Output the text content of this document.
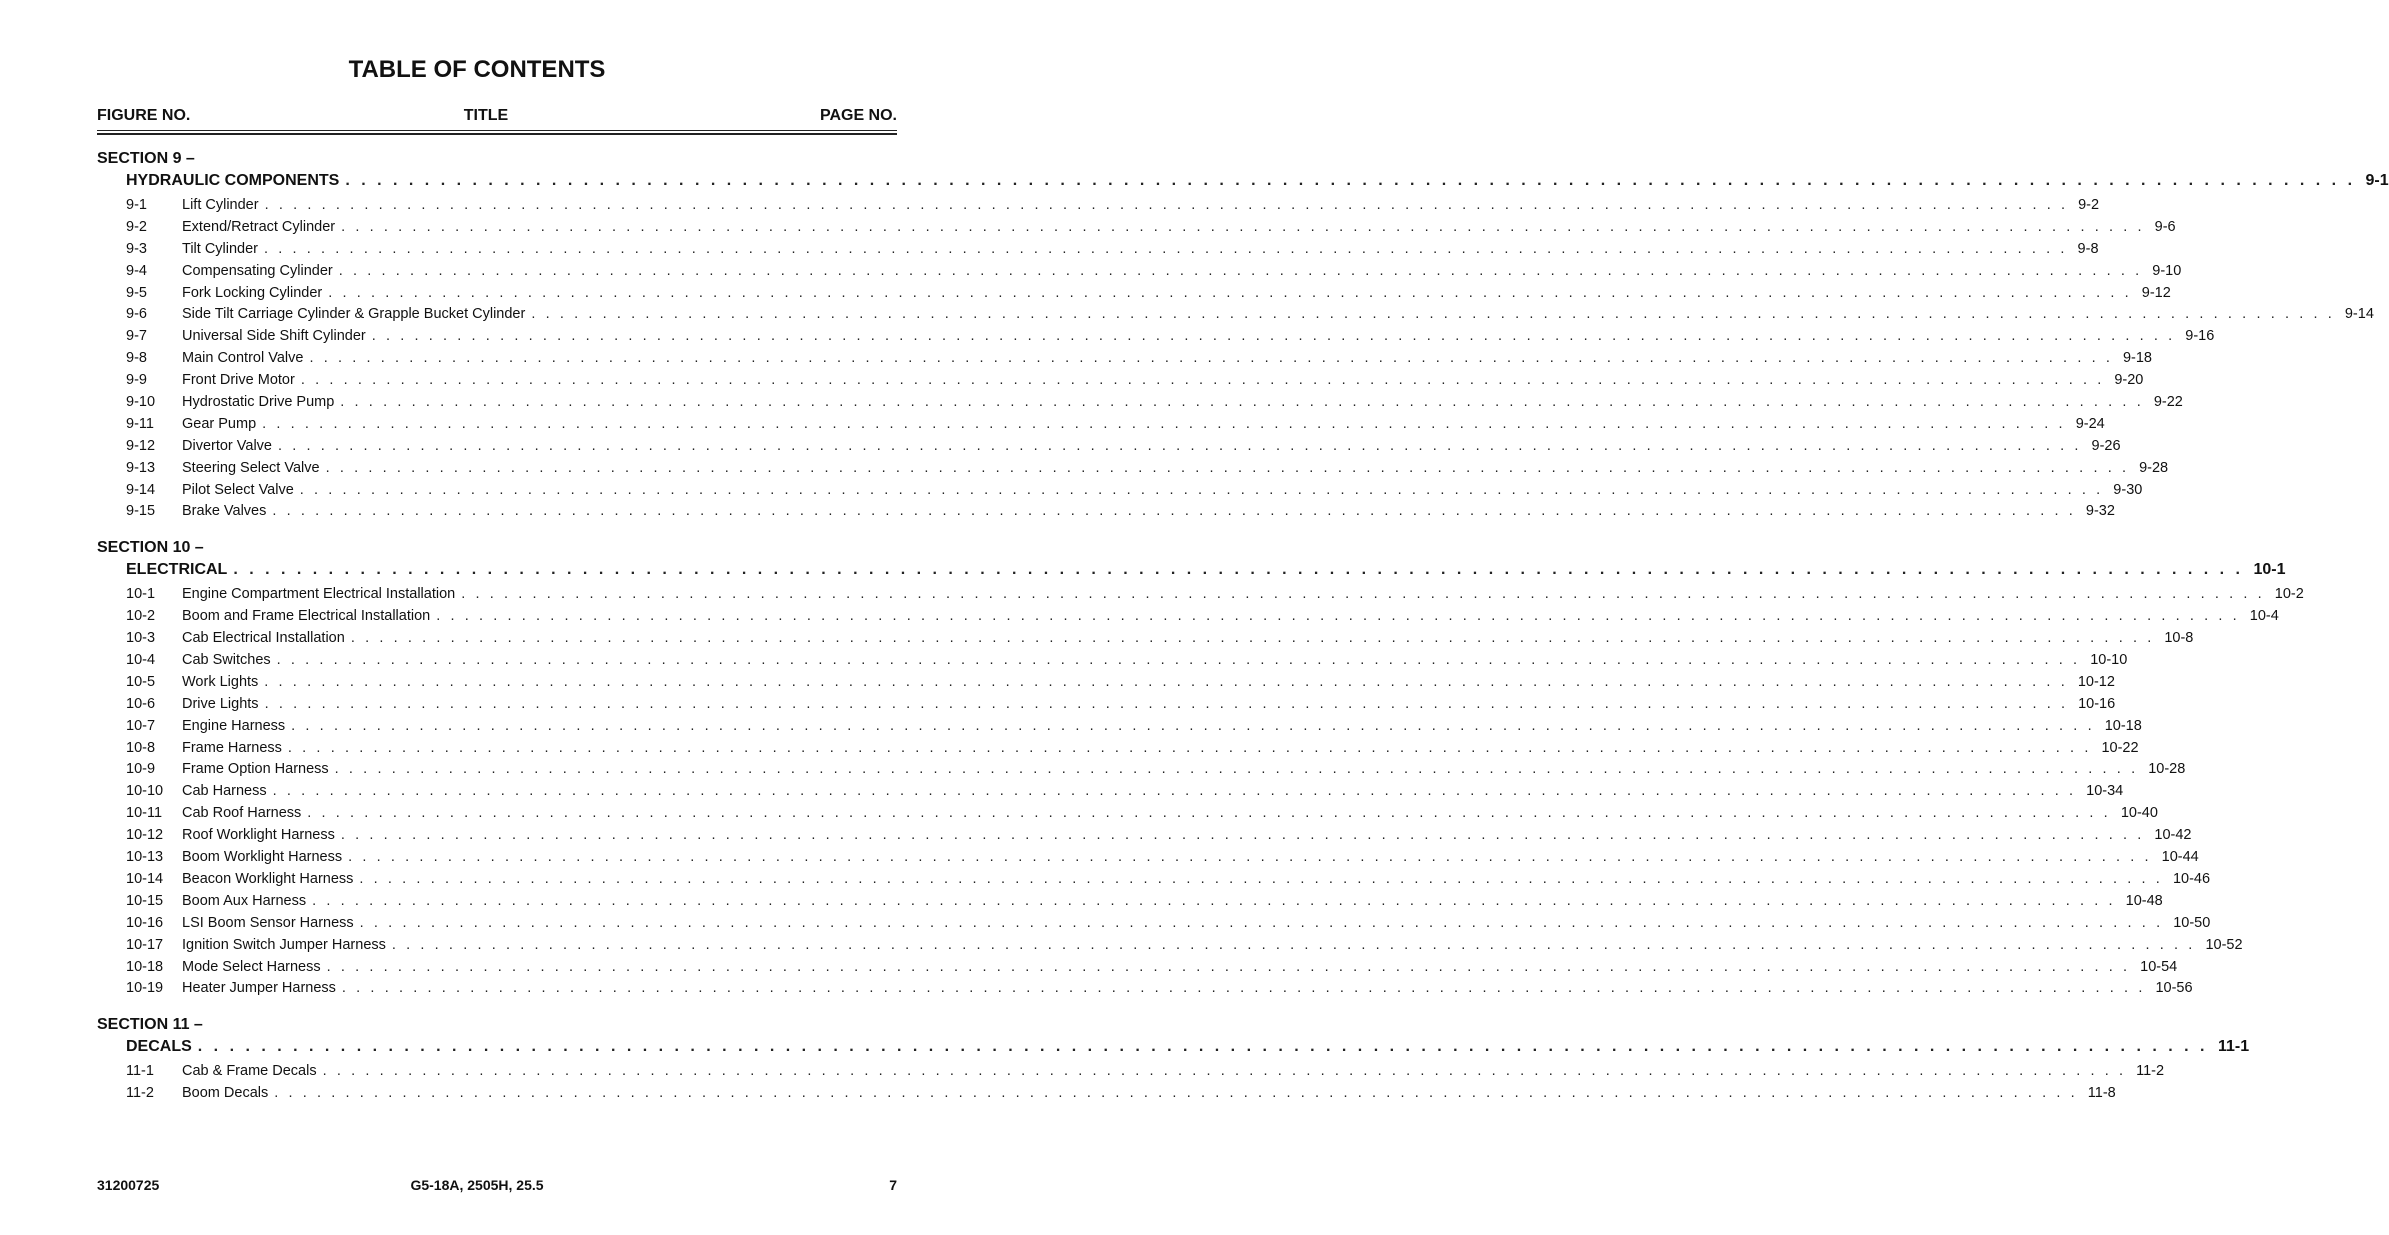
TABLE OF CONTENTS
FIGURE NO.	TITLE	PAGE NO.
SECTION 9 –
HYDRAULIC COMPONENTS . . . . . . . . . . . . . . . . . . . . . . . . . . . . . . . . . . . . . . . . . . . . . . . . . . . . . . . . . . . . . . . . . . . . . . . . . . . . . . . . . . . . . . . . . . . . . . . . . . . . . . . . . . . . . . . . . . . . . . . . . . . . . . . 9-1
9-1	Lift Cylinder . . . . . . . . . . . . . . . . . . . . . . . . . . . . . . . . . . . . . . . . . . . . . . . . . . . . . . . . . . . . . . . . . . . . . . . . . . . . . . . . . . . . . . . . . . . . . . . . . . . . . . . . . . . . . . . . . . . . . . . . . . . . . . . 9-2
9-2	Extend/Retract Cylinder . . . . . . . . . . . . . . . . . . . . . . . . . . . . . . . . . . . . . . . . . . . . . . . . . . . . . . . . . . . . . . . . . . . . . . . . . . . . . . . . . . . . . . . . . . . . . . . . . . . . . . . . . . . . . . . . . . . . . . . . . . . . . . . 9-6
9-3	Tilt Cylinder . . . . . . . . . . . . . . . . . . . . . . . . . . . . . . . . . . . . . . . . . . . . . . . . . . . . . . . . . . . . . . . . . . . . . . . . . . . . . . . . . . . . . . . . . . . . . . . . . . . . . . . . . . . . . . . . . . . . . . . . . . . . . . . 9-8
9-4	Compensating Cylinder . . . . . . . . . . . . . . . . . . . . . . . . . . . . . . . . . . . . . . . . . . . . . . . . . . . . . . . . . . . . . . . . . . . . . . . . . . . . . . . . . . . . . . . . . . . . . . . . . . . . . . . . . . . . . . . . . . . . . . . . . . . . . . . 9-10
9-5	Fork Locking Cylinder . . . . . . . . . . . . . . . . . . . . . . . . . . . . . . . . . . . . . . . . . . . . . . . . . . . . . . . . . . . . . . . . . . . . . . . . . . . . . . . . . . . . . . . . . . . . . . . . . . . . . . . . . . . . . . . . . . . . . . . . . . . . . . . 9-12
9-6	Side Tilt Carriage Cylinder & Grapple Bucket Cylinder . . . . . . . . . . . . . . . . . . . . . . . . . . . . . . . . . . . . . . . . . . . . . . . . . . . . . . . . . . . . . . . . . . . . . . . . . . . . . . . . . . . . . . . . . . . . . . . . . . . . . . . . . . . . . . . . . . . . . . . . . . . . . . . 9-14
9-7	Universal Side Shift Cylinder . . . . . . . . . . . . . . . . . . . . . . . . . . . . . . . . . . . . . . . . . . . . . . . . . . . . . . . . . . . . . . . . . . . . . . . . . . . . . . . . . . . . . . . . . . . . . . . . . . . . . . . . . . . . . . . . . . . . . . . . . . . . . . . 9-16
9-8	Main Control Valve . . . . . . . . . . . . . . . . . . . . . . . . . . . . . . . . . . . . . . . . . . . . . . . . . . . . . . . . . . . . . . . . . . . . . . . . . . . . . . . . . . . . . . . . . . . . . . . . . . . . . . . . . . . . . . . . . . . . . . . . . . . . . . . 9-18
9-9	Front Drive Motor . . . . . . . . . . . . . . . . . . . . . . . . . . . . . . . . . . . . . . . . . . . . . . . . . . . . . . . . . . . . . . . . . . . . . . . . . . . . . . . . . . . . . . . . . . . . . . . . . . . . . . . . . . . . . . . . . . . . . . . . . . . . . . . 9-20
9-10	Hydrostatic Drive Pump . . . . . . . . . . . . . . . . . . . . . . . . . . . . . . . . . . . . . . . . . . . . . . . . . . . . . . . . . . . . . . . . . . . . . . . . . . . . . . . . . . . . . . . . . . . . . . . . . . . . . . . . . . . . . . . . . . . . . . . . . . . . . . . 9-22
9-11	Gear Pump . . . . . . . . . . . . . . . . . . . . . . . . . . . . . . . . . . . . . . . . . . . . . . . . . . . . . . . . . . . . . . . . . . . . . . . . . . . . . . . . . . . . . . . . . . . . . . . . . . . . . . . . . . . . . . . . . . . . . . . . . . . . . . . 9-24
9-12	Divertor Valve . . . . . . . . . . . . . . . . . . . . . . . . . . . . . . . . . . . . . . . . . . . . . . . . . . . . . . . . . . . . . . . . . . . . . . . . . . . . . . . . . . . . . . . . . . . . . . . . . . . . . . . . . . . . . . . . . . . . . . . . . . . . . . . 9-26
9-13	Steering Select Valve . . . . . . . . . . . . . . . . . . . . . . . . . . . . . . . . . . . . . . . . . . . . . . . . . . . . . . . . . . . . . . . . . . . . . . . . . . . . . . . . . . . . . . . . . . . . . . . . . . . . . . . . . . . . . . . . . . . . . . . . . . . . . . . 9-28
9-14	Pilot Select Valve . . . . . . . . . . . . . . . . . . . . . . . . . . . . . . . . . . . . . . . . . . . . . . . . . . . . . . . . . . . . . . . . . . . . . . . . . . . . . . . . . . . . . . . . . . . . . . . . . . . . . . . . . . . . . . . . . . . . . . . . . . . . . . . 9-30
9-15	Brake Valves . . . . . . . . . . . . . . . . . . . . . . . . . . . . . . . . . . . . . . . . . . . . . . . . . . . . . . . . . . . . . . . . . . . . . . . . . . . . . . . . . . . . . . . . . . . . . . . . . . . . . . . . . . . . . . . . . . . . . . . . . . . . . . . 9-32
SECTION 10 –
ELECTRICAL . . . . . . . . . . . . . . . . . . . . . . . . . . . . . . . . . . . . . . . . . . . . . . . . . . . . . . . . . . . . . . . . . . . . . . . . . . . . . . . . . . . . . . . . . . . . . . . . . . . . . . . . . . . . . . . . . . . . . . . . . . . . . . . 10-1
10-1	Engine Compartment Electrical Installation . . . . . . . . . . . . . . . . . . . . . . . . . . . . . . . . . . . . . . . . . . . . . . . . . . . . . . . . . . . . . . . . . . . . . . . . . . . . . . . . . . . . . . . . . . . . . . . . . . . . . . . . . . . . . . . . . . . . . . . . . . . . . . . 10-2
10-2	Boom and Frame Electrical Installation . . . . . . . . . . . . . . . . . . . . . . . . . . . . . . . . . . . . . . . . . . . . . . . . . . . . . . . . . . . . . . . . . . . . . . . . . . . . . . . . . . . . . . . . . . . . . . . . . . . . . . . . . . . . . . . . . . . . . . . . . . . . . . . 10-4
10-3	Cab Electrical Installation . . . . . . . . . . . . . . . . . . . . . . . . . . . . . . . . . . . . . . . . . . . . . . . . . . . . . . . . . . . . . . . . . . . . . . . . . . . . . . . . . . . . . . . . . . . . . . . . . . . . . . . . . . . . . . . . . . . . . . . . . . . . . . . 10-8
10-4	Cab Switches . . . . . . . . . . . . . . . . . . . . . . . . . . . . . . . . . . . . . . . . . . . . . . . . . . . . . . . . . . . . . . . . . . . . . . . . . . . . . . . . . . . . . . . . . . . . . . . . . . . . . . . . . . . . . . . . . . . . . . . . . . . . . . . 10-10
10-5	Work Lights . . . . . . . . . . . . . . . . . . . . . . . . . . . . . . . . . . . . . . . . . . . . . . . . . . . . . . . . . . . . . . . . . . . . . . . . . . . . . . . . . . . . . . . . . . . . . . . . . . . . . . . . . . . . . . . . . . . . . . . . . . . . . . . 10-12
10-6	Drive Lights . . . . . . . . . . . . . . . . . . . . . . . . . . . . . . . . . . . . . . . . . . . . . . . . . . . . . . . . . . . . . . . . . . . . . . . . . . . . . . . . . . . . . . . . . . . . . . . . . . . . . . . . . . . . . . . . . . . . . . . . . . . . . . . 10-16
10-7	Engine Harness . . . . . . . . . . . . . . . . . . . . . . . . . . . . . . . . . . . . . . . . . . . . . . . . . . . . . . . . . . . . . . . . . . . . . . . . . . . . . . . . . . . . . . . . . . . . . . . . . . . . . . . . . . . . . . . . . . . . . . . . . . . . . . . 10-18
10-8	Frame Harness . . . . . . . . . . . . . . . . . . . . . . . . . . . . . . . . . . . . . . . . . . . . . . . . . . . . . . . . . . . . . . . . . . . . . . . . . . . . . . . . . . . . . . . . . . . . . . . . . . . . . . . . . . . . . . . . . . . . . . . . . . . . . . . 10-22
10-9	Frame Option Harness . . . . . . . . . . . . . . . . . . . . . . . . . . . . . . . . . . . . . . . . . . . . . . . . . . . . . . . . . . . . . . . . . . . . . . . . . . . . . . . . . . . . . . . . . . . . . . . . . . . . . . . . . . . . . . . . . . . . . . . . . . . . . . . 10-28
10-10	Cab Harness . . . . . . . . . . . . . . . . . . . . . . . . . . . . . . . . . . . . . . . . . . . . . . . . . . . . . . . . . . . . . . . . . . . . . . . . . . . . . . . . . . . . . . . . . . . . . . . . . . . . . . . . . . . . . . . . . . . . . . . . . . . . . . . 10-34
10-11	Cab Roof Harness . . . . . . . . . . . . . . . . . . . . . . . . . . . . . . . . . . . . . . . . . . . . . . . . . . . . . . . . . . . . . . . . . . . . . . . . . . . . . . . . . . . . . . . . . . . . . . . . . . . . . . . . . . . . . . . . . . . . . . . . . . . . . . . 10-40
10-12	Roof Worklight Harness . . . . . . . . . . . . . . . . . . . . . . . . . . . . . . . . . . . . . . . . . . . . . . . . . . . . . . . . . . . . . . . . . . . . . . . . . . . . . . . . . . . . . . . . . . . . . . . . . . . . . . . . . . . . . . . . . . . . . . . . . . . . . . . 10-42
10-13	Boom Worklight Harness . . . . . . . . . . . . . . . . . . . . . . . . . . . . . . . . . . . . . . . . . . . . . . . . . . . . . . . . . . . . . . . . . . . . . . . . . . . . . . . . . . . . . . . . . . . . . . . . . . . . . . . . . . . . . . . . . . . . . . . . . . . . . . . 10-44
10-14	Beacon Worklight Harness . . . . . . . . . . . . . . . . . . . . . . . . . . . . . . . . . . . . . . . . . . . . . . . . . . . . . . . . . . . . . . . . . . . . . . . . . . . . . . . . . . . . . . . . . . . . . . . . . . . . . . . . . . . . . . . . . . . . . . . . . . . . . . . 10-46
10-15	Boom Aux Harness . . . . . . . . . . . . . . . . . . . . . . . . . . . . . . . . . . . . . . . . . . . . . . . . . . . . . . . . . . . . . . . . . . . . . . . . . . . . . . . . . . . . . . . . . . . . . . . . . . . . . . . . . . . . . . . . . . . . . . . . . . . . . . . 10-48
10-16	LSI Boom Sensor Harness . . . . . . . . . . . . . . . . . . . . . . . . . . . . . . . . . . . . . . . . . . . . . . . . . . . . . . . . . . . . . . . . . . . . . . . . . . . . . . . . . . . . . . . . . . . . . . . . . . . . . . . . . . . . . . . . . . . . . . . . . . . . . . . 10-50
10-17	Ignition Switch Jumper Harness . . . . . . . . . . . . . . . . . . . . . . . . . . . . . . . . . . . . . . . . . . . . . . . . . . . . . . . . . . . . . . . . . . . . . . . . . . . . . . . . . . . . . . . . . . . . . . . . . . . . . . . . . . . . . . . . . . . . . . . . . . . . . . . 10-52
10-18	Mode Select Harness . . . . . . . . . . . . . . . . . . . . . . . . . . . . . . . . . . . . . . . . . . . . . . . . . . . . . . . . . . . . . . . . . . . . . . . . . . . . . . . . . . . . . . . . . . . . . . . . . . . . . . . . . . . . . . . . . . . . . . . . . . . . . . . 10-54
10-19	Heater Jumper Harness . . . . . . . . . . . . . . . . . . . . . . . . . . . . . . . . . . . . . . . . . . . . . . . . . . . . . . . . . . . . . . . . . . . . . . . . . . . . . . . . . . . . . . . . . . . . . . . . . . . . . . . . . . . . . . . . . . . . . . . . . . . . . . . 10-56
SECTION 11 –
DECALS . . . . . . . . . . . . . . . . . . . . . . . . . . . . . . . . . . . . . . . . . . . . . . . . . . . . . . . . . . . . . . . . . . . . . . . . . . . . . . . . . . . . . . . . . . . . . . . . . . . . . . . . . . . . . . . . . . . . . . . . . . . . . . . 11-1
11-1	Cab & Frame Decals . . . . . . . . . . . . . . . . . . . . . . . . . . . . . . . . . . . . . . . . . . . . . . . . . . . . . . . . . . . . . . . . . . . . . . . . . . . . . . . . . . . . . . . . . . . . . . . . . . . . . . . . . . . . . . . . . . . . . . . . . . . . . . . 11-2
11-2	Boom Decals . . . . . . . . . . . . . . . . . . . . . . . . . . . . . . . . . . . . . . . . . . . . . . . . . . . . . . . . . . . . . . . . . . . . . . . . . . . . . . . . . . . . . . . . . . . . . . . . . . . . . . . . . . . . . . . . . . . . . . . . . . . . . . . 11-8
31200725	G5-18A, 2505H, 25.5	7
